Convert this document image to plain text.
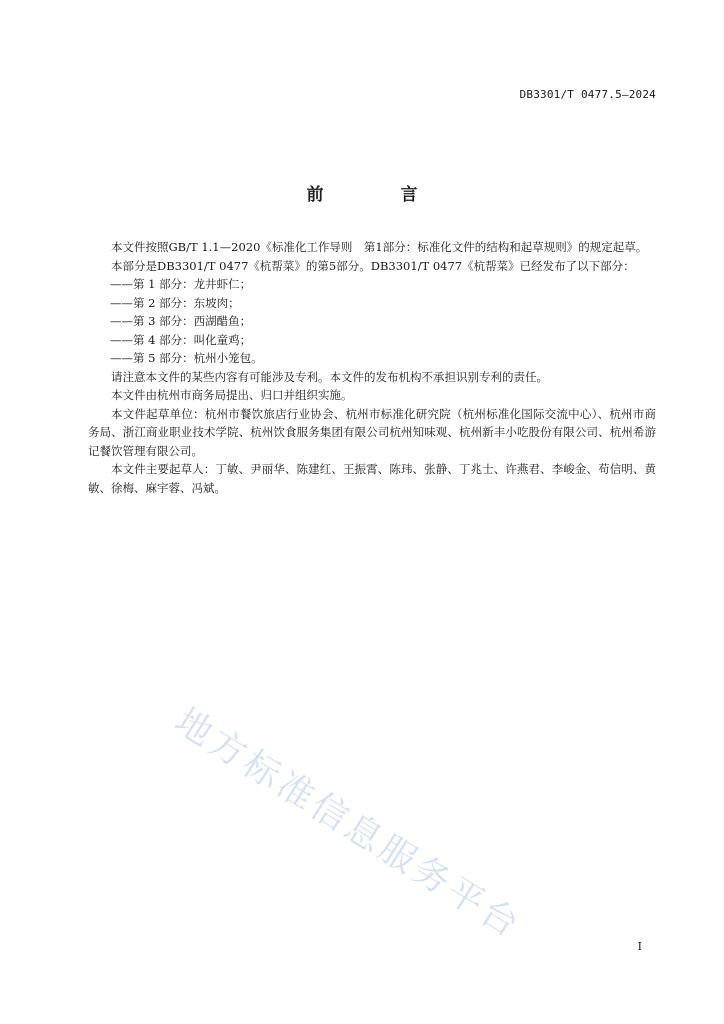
DB3301/T 0477.5—2024
前　言

本文件按照GB/T 1.1—2020《标准化工作导则　第1部分：标准化文件的结构和起草规则》的规定起草。

本部分是DB3301/T 0477《杭帮菜》的第5部分。DB3301/T 0477《杭帮菜》已经发布了以下部分：

——第 1 部分：龙井虾仁；

——第 2 部分：东坡肉；

——第 3 部分：西湖醋鱼；

——第 4 部分：叫化童鸡；

——第 5 部分：杭州小笼包。

请注意本文件的某些内容有可能涉及专利。本文件的发布机构不承担识别专利的责任。

本文件由杭州市商务局提出、归口并组织实施。

本文件起草单位：杭州市餐饮旅店行业协会、杭州市标准化研究院（杭州标准化国际交流中心）、杭州市商务局、浙江商业职业技术学院、杭州饮食服务集团有限公司杭州知味观、杭州新丰小吃股份有限公司、杭州希游记餐饮管理有限公司。

本文件主要起草人：丁敏、尹丽华、陈建红、王振霄、陈玮、张静、丁兆士、许燕君、李峻金、苟信明、黄敏、徐梅、麻宇蓉、冯斌。

地方标准信息服务平台	I
